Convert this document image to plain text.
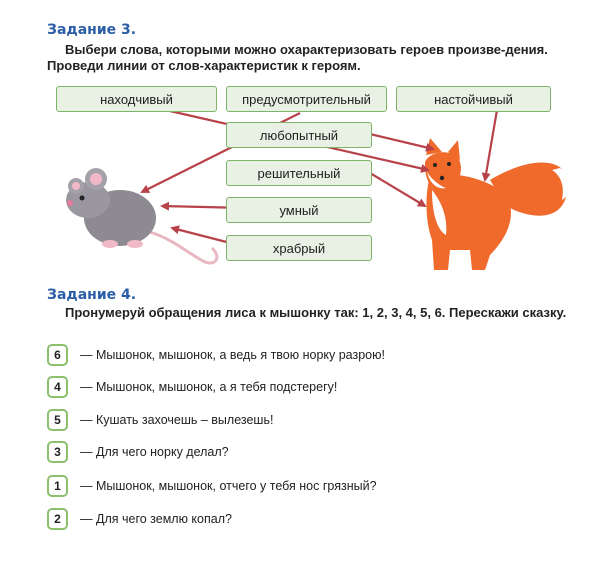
Задание 3.
Выбери слова, которыми можно охарактеризовать героев произве-дения. Проведи линии от слов-характеристик к героям.
находчивый	предусмотрительный	настойчивый
любопытный
решительный
умный
храбрый
Задание 4.
Пронумеруй обращения лиса к мышонку так: 1, 2, 3, 4, 5, 6. Перескажи сказку.
6	— Мышонок, мышонок, а ведь я твою норку разрою!
4	— Мышонок, мышонок, а я тебя подстерегу!
5	— Кушать захочешь – вылезешь!
3	— Для чего норку делал?
1	— Мышонок, мышонок, отчего у тебя нос грязный?
2	— Для чего землю копал?
